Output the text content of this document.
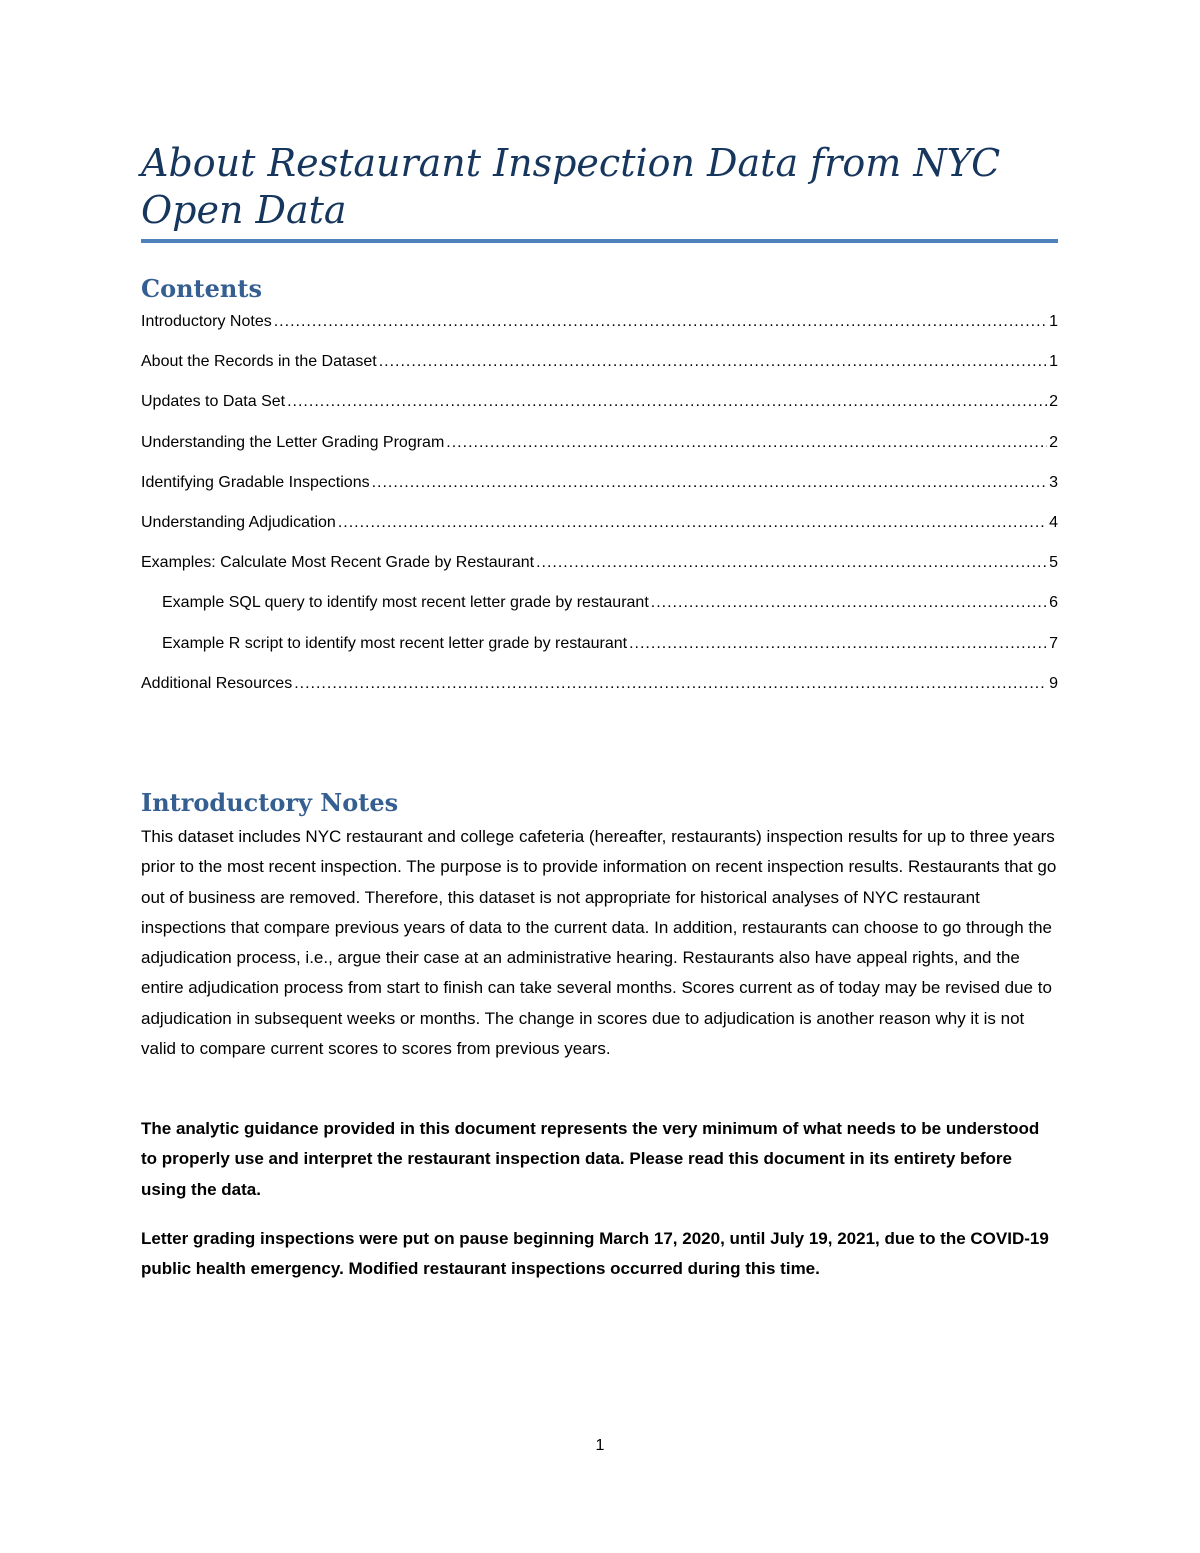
About Restaurant Inspection Data from NYC Open Data
Contents
Introductory Notes .....	1
About the Records in the Dataset .....	1
Updates to Data Set .....	2
Understanding the Letter Grading Program .....	2
Identifying Gradable Inspections .....	3
Understanding Adjudication .....	4
Examples: Calculate Most Recent Grade by Restaurant .....	5
Example SQL query to identify most recent letter grade by restaurant .....	6
Example R script to identify most recent letter grade by restaurant .....	7
Additional Resources .....	9
Introductory Notes

This dataset includes NYC restaurant and college cafeteria (hereafter, restaurants) inspection results for up to three years prior to the most recent inspection. The purpose is to provide information on recent inspection results. Restaurants that go out of business are removed. Therefore, this dataset is not appropriate for historical analyses of NYC restaurant inspections that compare previous years of data to the current data. In addition, restaurants can choose to go through the adjudication process, i.e., argue their case at an administrative hearing. Restaurants also have appeal rights, and the entire adjudication process from start to finish can take several months. Scores current as of today may be revised due to adjudication in subsequent weeks or months. The change in scores due to adjudication is another reason why it is not valid to compare current scores to scores from previous years.

The analytic guidance provided in this document represents the very minimum of what needs to be understood to properly use and interpret the restaurant inspection data. Please read this document in its entirety before using the data.

Letter grading inspections were put on pause beginning March 17, 2020, until July 19, 2021, due to the COVID-19 public health emergency. Modified restaurant inspections occurred during this time.

1
